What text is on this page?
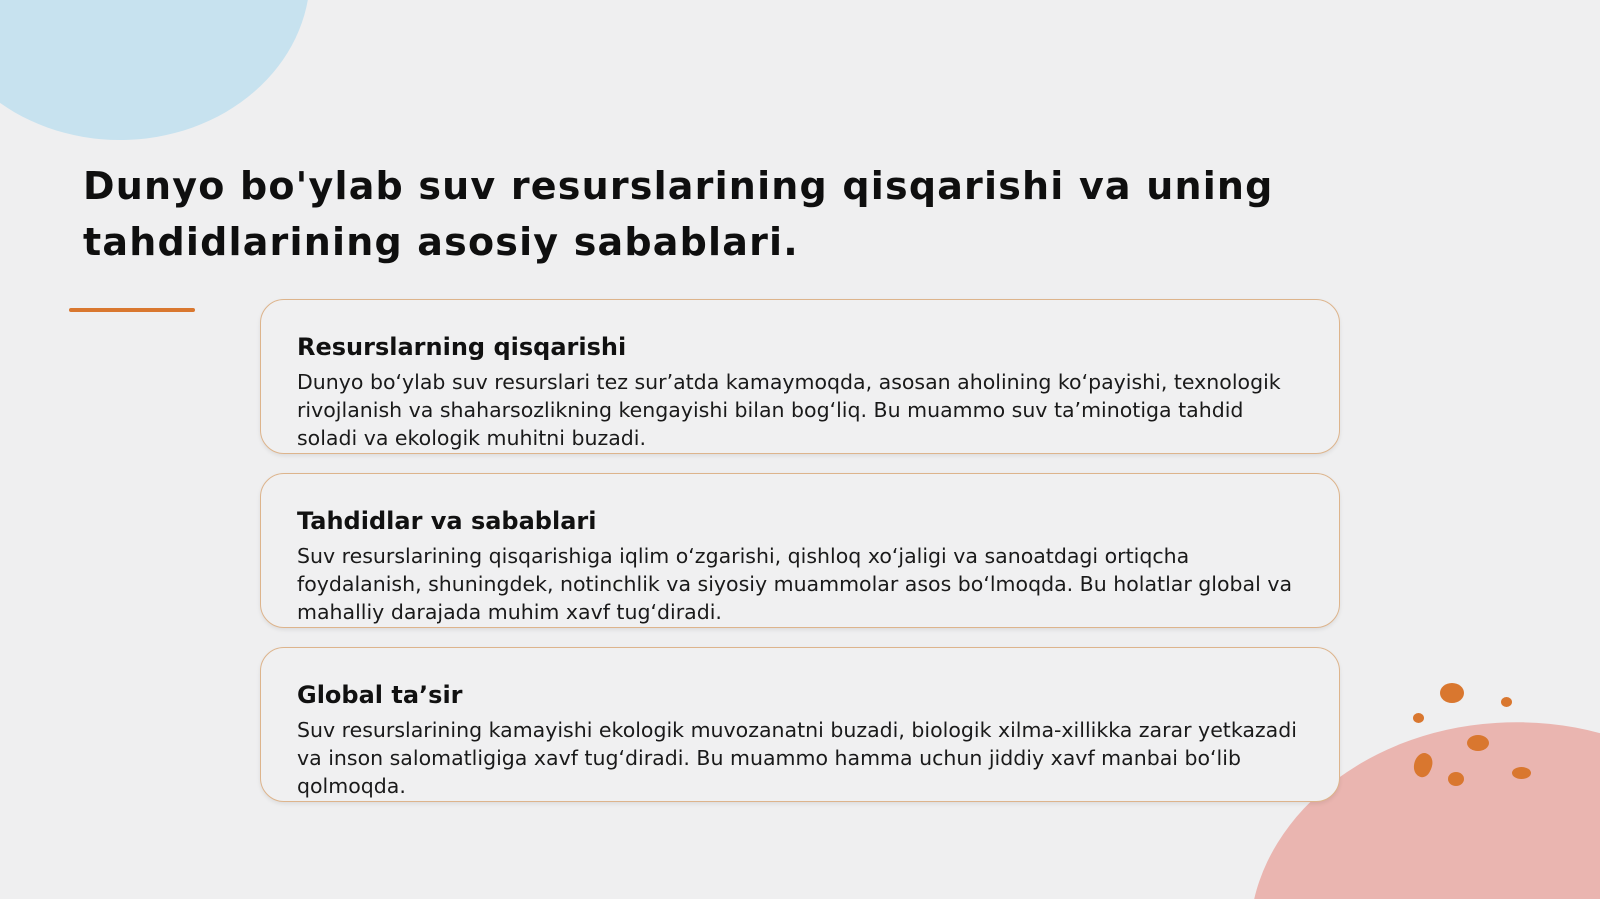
Dunyo bo'ylab suv resurslarining qisqarishi va uning tahdidlarining asosiy sabablari.
Resurslarning qisqarishi

Dunyo bo‘ylab suv resurslari tez sur’atda kamaymoqda, asosan aholining ko‘payishi, texnologik rivojlanish va shaharsozlikning kengayishi bilan bog‘liq. Bu muammo suv ta’minotiga tahdid soladi va ekologik muhitni buzadi.

Tahdidlar va sabablari

Suv resurslarining qisqarishiga iqlim o‘zgarishi, qishloq xo‘jaligi va sanoatdagi ortiqcha foydalanish, shuningdek, notinchlik va siyosiy muammolar asos bo‘lmoqda. Bu holatlar global va mahalliy darajada muhim xavf tug‘diradi.

Global ta’sir

Suv resurslarining kamayishi ekologik muvozanatni buzadi, biologik xilma-xillikka zarar yetkazadi va inson salomatligiga xavf tug‘diradi. Bu muammo hamma uchun jiddiy xavf manbai bo‘lib qolmoqda.
